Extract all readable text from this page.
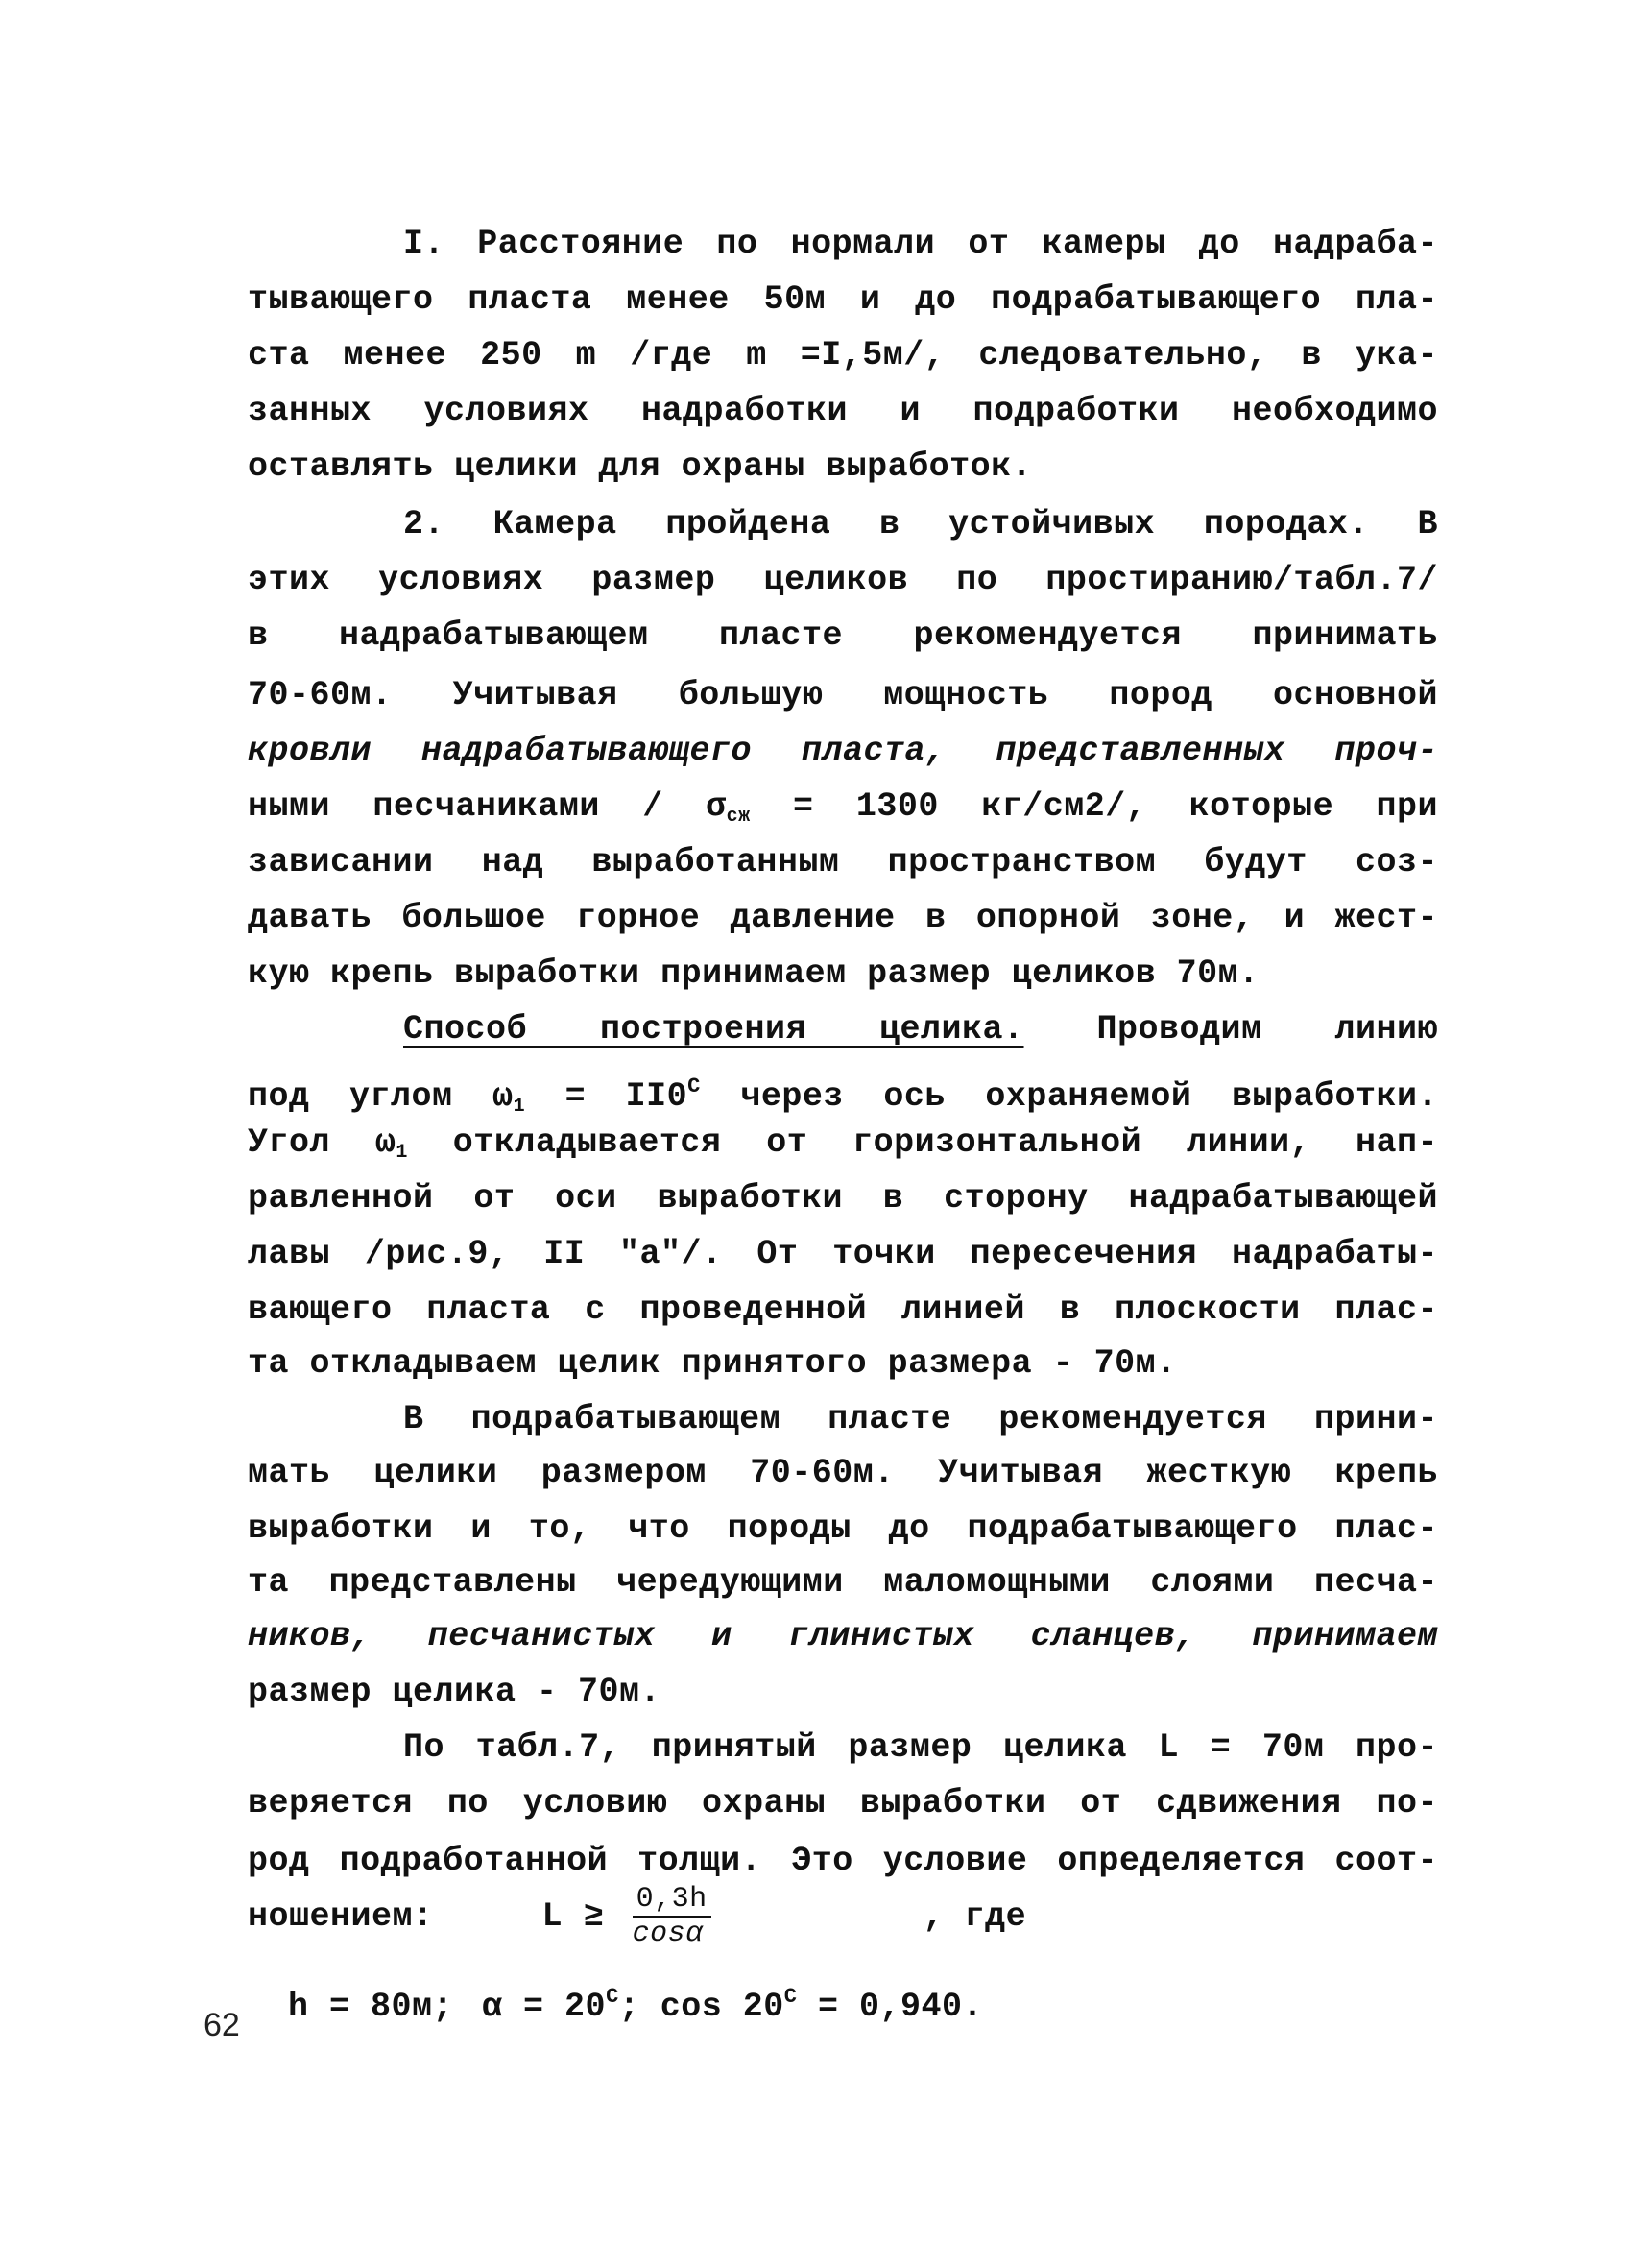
I. Расстояние по нормали от камеры до надраба-
тывающего пласта менее 50м и до подрабатывающего пла-
ста менее 250 m /где m =I,5м/, следовательно, в ука-
занных условиях надработки и подработки необходимо
оставлять целики для охраны выработок.
2. Камера пройдена в устойчивых породах. В
этих условиях размер целиков по простиранию/табл.7/
в надрабатывающем пласте рекомендуется принимать
70-60м. Учитывая большую мощность пород основной
кровли надрабатывающего пласта, представленных проч-
ными песчаниками / $\sigma_{сж} = 1300$ кг/см2/, которые при
зависании над выработанным пространством будут соз-
давать большое горное давление в опорной зоне, и жест-
кую крепь выработки принимаем размер целиков 70м.
Способ построения целика. Проводим линию
под углом $\omega_1 = II0^С$ через ось охраняемой выработки.
Угол $\omega_1$ откладывается от горизонтальной линии, нап-
равленной от оси выработки в сторону надрабатывающей
лавы /рис.9, II "а"/. От точки пересечения надрабаты-
вающего пласта с проведенной линией в плоскости плас-
та откладываем целик принятого размера - 70м.
В подрабатывающем пласте рекомендуется прини-
мать целики размером 70-60м. Учитывая жесткую крепь
выработки и то, что породы до подрабатывающего плас-
та представлены чередующими маломощными слоями песча-
ников, песчанистых и глинистых сланцев, принимаем
размер целика - 70м.
По табл.7, принятый размер целика L = 70м про-
веряется по условию охраны выработки от сдвижения по-
род подработанной толщи. Это условие определяется соот-
ношением:	$L \ge \frac{0,3h}{\cos\alpha}$	, где
h = 80м; $\alpha = 20^С$; $\cos 20^С = 0,940$.
62
